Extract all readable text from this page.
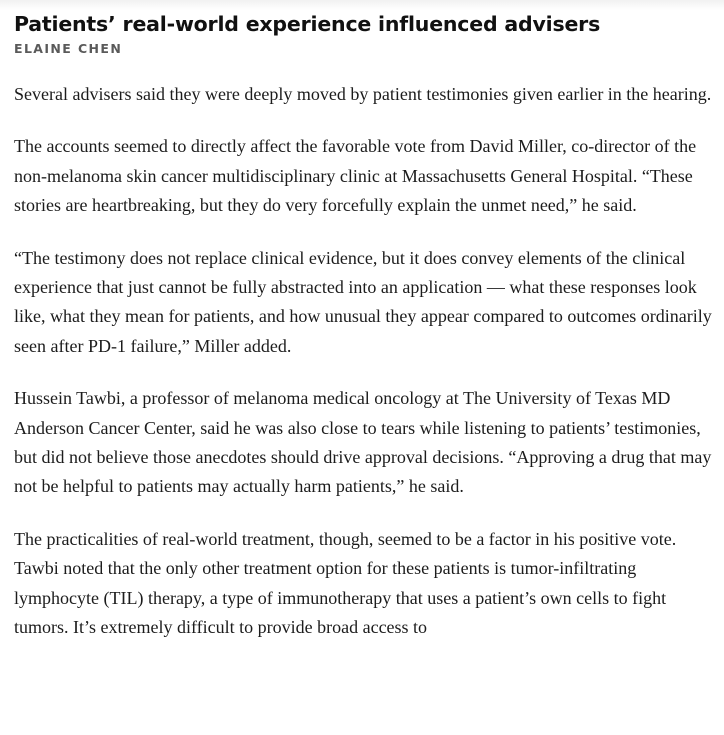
Patients’ real-world experience influenced advisers
ELAINE CHEN

Several advisers said they were deeply moved by patient testimonies given earlier in the hearing.

The accounts seemed to directly affect the favorable vote from David Miller, co-director of the non-melanoma skin cancer multidisciplinary clinic at Massachusetts General Hospital. “These stories are heartbreaking, but they do very forcefully explain the unmet need,” he said.

“The testimony does not replace clinical evidence, but it does convey elements of the clinical experience that just cannot be fully abstracted into an application — what these responses look like, what they mean for patients, and how unusual they appear compared to outcomes ordinarily seen after PD-1 failure,” Miller added.

Hussein Tawbi, a professor of melanoma medical oncology at The University of Texas MD Anderson Cancer Center, said he was also close to tears while listening to patients’ testimonies, but did not believe those anecdotes should drive approval decisions. “Approving a drug that may not be helpful to patients may actually harm patients,” he said.

The practicalities of real-world treatment, though, seemed to be a factor in his positive vote. Tawbi noted that the only other treatment option for these patients is tumor-infiltrating lymphocyte (TIL) therapy, a type of immunotherapy that uses a patient’s own cells to fight tumors. It’s extremely difficult to provide broad access to
